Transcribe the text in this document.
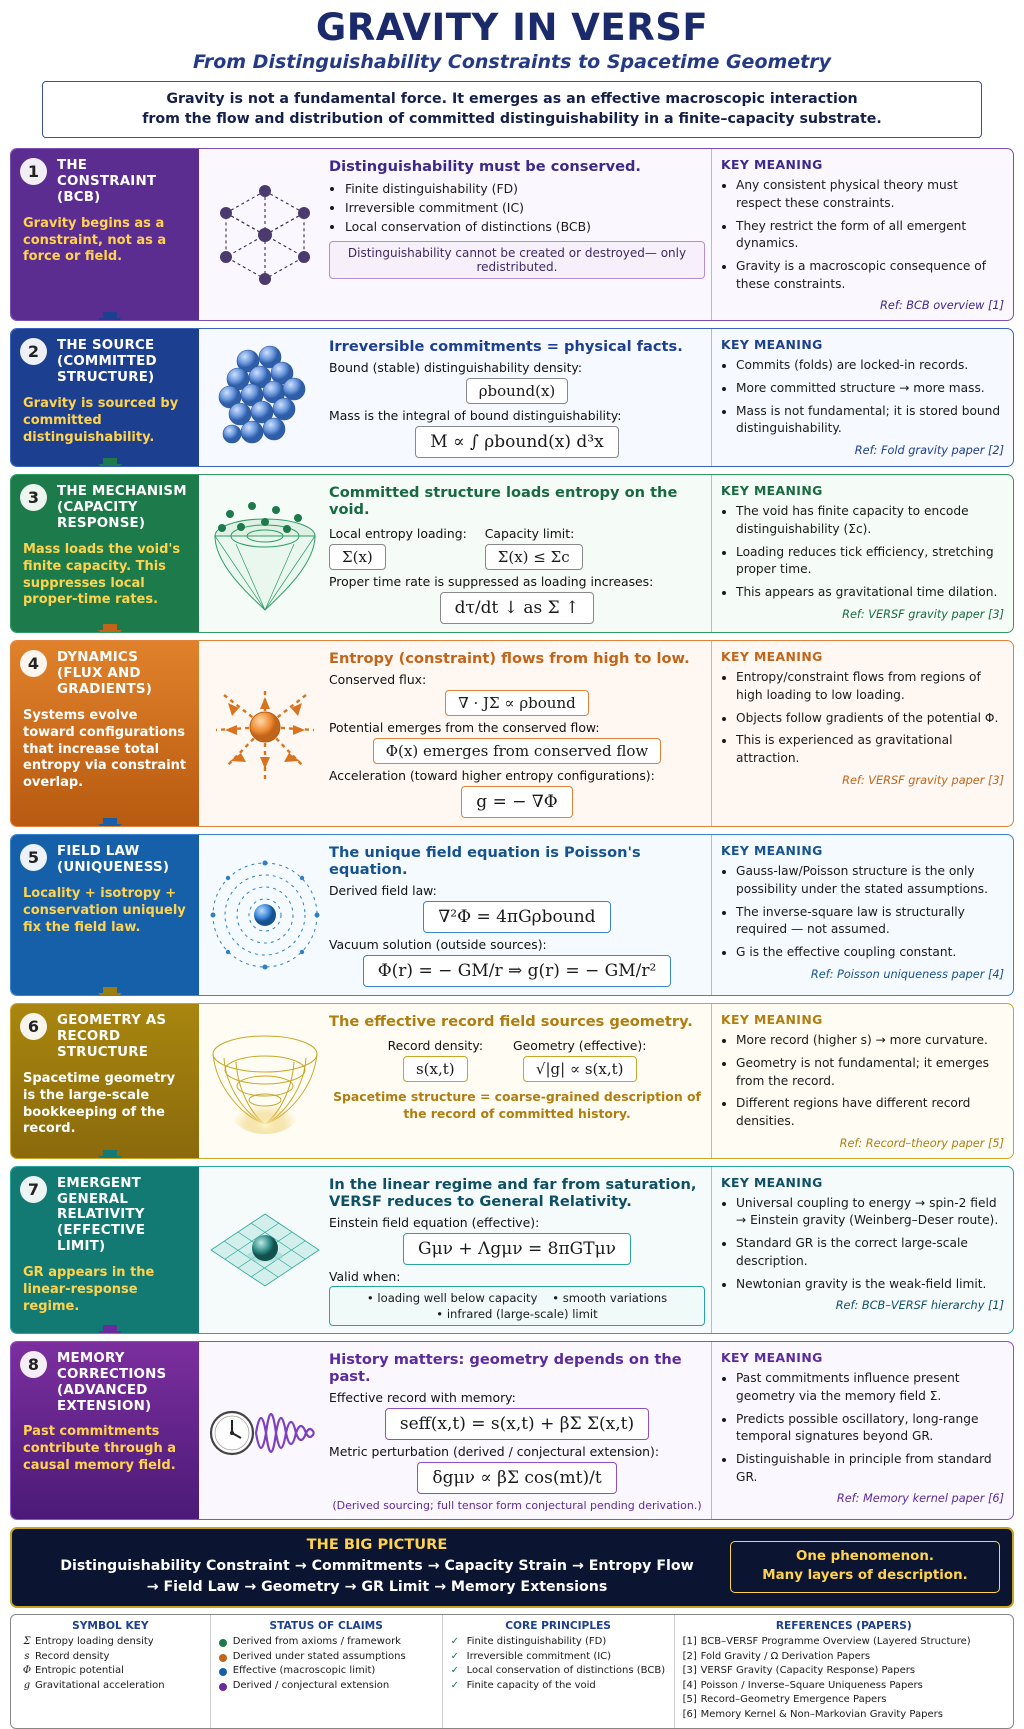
GRAVITY IN VERSF
From Distinguishability Constraints to Spacetime Geometry
Gravity is not a fundamental force. It emerges as an effective macroscopic interaction
from the flow and distribution of committed distinguishability in a finite–capacity substrate.
1	THE CONSTRAINT
(BCB)
Gravity begins as a constraint, not as a force or field.
Distinguishability must be conserved.
• Finite distinguishability (FD)
• Irreversible commitment (IC)
• Local conservation of distinctions (BCB)
Distinguishability cannot be created or destroyed— only redistributed.
KEY MEANING
• Any consistent physical theory must respect these constraints.
• They restrict the form of all emergent dynamics.
• Gravity is a macroscopic consequence of these constraints.
Ref: BCB overview [1]
2	THE SOURCE
(COMMITTED STRUCTURE)
Gravity is sourced by committed distinguishability.
Irreversible commitments = physical facts.
Bound (stable) distinguishability density:
ρbound(x)
Mass is the integral of bound distinguishability:
M ∝ ∫ ρbound(x) d³x
KEY MEANING
• Commits (folds) are locked-in records.
• More committed structure → more mass.
• Mass is not fundamental; it is stored bound distinguishability.
Ref: Fold gravity paper [2]
3	THE MECHANISM
(CAPACITY RESPONSE)
Mass loads the void's finite capacity. This suppresses local proper-time rates.
Committed structure loads entropy on the void.
Local entropy loading:
Σ(x)
Capacity limit:
Σ(x) ≤ Σc
Proper time rate is suppressed as loading increases:
dτ/dt ↓ as Σ ↑
KEY MEANING
• The void has finite capacity to encode distinguishability (Σc).
• Loading reduces tick efficiency, stretching proper time.
• This appears as gravitational time dilation.
Ref: VERSF gravity paper [3]
4	DYNAMICS
(FLUX AND GRADIENTS)
Systems evolve toward configurations that increase total entropy via constraint overlap.
Entropy (constraint) flows from high to low.
Conserved flux:
∇ · JΣ ∝ ρbound
Potential emerges from the conserved flow:
Φ(x) emerges from conserved flow
Acceleration (toward higher entropy configurations):
g = − ∇Φ
KEY MEANING
• Entropy/constraint flows from regions of high loading to low loading.
• Objects follow gradients of the potential Φ.
• This is experienced as gravitational attraction.
Ref: VERSF gravity paper [3]
5	FIELD LAW
(UNIQUENESS)
Locality + isotropy + conservation uniquely fix the field law.
The unique field equation is Poisson's equation.
Derived field law:
∇²Φ = 4πGρbound
Vacuum solution (outside sources):
Φ(r) = − GM/r ⇒ g(r) = − GM/r²
KEY MEANING
• Gauss-law/Poisson structure is the only possibility under the stated assumptions.
• The inverse-square law is structurally required — not assumed.
• G is the effective coupling constant.
Ref: Poisson uniqueness paper [4]
6	GEOMETRY AS
RECORD STRUCTURE
Spacetime geometry is the large-scale bookkeeping of the record.
The effective record field sources geometry.
Record density:
s(x,t)
Geometry (effective):
√|g| ∝ s(x,t)
Spacetime structure = coarse-grained description of the record of committed history.
KEY MEANING
• More record (higher s) → more curvature.
• Geometry is not fundamental; it emerges from the record.
• Different regions have different record densities.
Ref: Record–theory paper [5]
7	EMERGENT GENERAL
RELATIVITY (EFFECTIVE LIMIT)
GR appears in the linear-response regime.
In the linear regime and far from saturation, VERSF reduces to General Relativity.
Einstein field equation (effective):
Gμν + Λgμν = 8πGTμν
Valid when:
• loading well below capacity • smooth variations
• infrared (large-scale) limit
KEY MEANING
• Universal coupling to energy → spin-2 field → Einstein gravity (Weinberg–Deser route).
• Standard GR is the correct large-scale description.
• Newtonian gravity is the weak-field limit.
Ref: BCB–VERSF hierarchy [1]
8	MEMORY CORRECTIONS
(ADVANCED EXTENSION)
Past commitments contribute through a causal memory field.
History matters: geometry depends on the past.
Effective record with memory:
seff(x,t) = s(x,t) + βΣ Σ(x,t)
Metric perturbation (derived / conjectural extension):
δgμν ∝ βΣ cos(mt)/t
(Derived sourcing; full tensor form conjectural pending derivation.)
KEY MEANING
• Past commitments influence present geometry via the memory field Σ.
• Predicts possible oscillatory, long-range temporal signatures beyond GR.
• Distinguishable in principle from standard GR.
Ref: Memory kernel paper [6]
THE BIG PICTURE
Distinguishability Constraint → Commitments → Capacity Strain → Entropy Flow
→ Field Law → Geometry → GR Limit → Memory Extensions
One phenomenon.
Many layers of description.
SYMBOL KEY
Σ Entropy loading density
s Record density
Φ Entropic potential
g Gravitational acceleration
STATUS OF CLAIMS
Derived from axioms / framework
Derived under stated assumptions
Effective (macroscopic limit)
Derived / conjectural extension
CORE PRINCIPLES
✓ Finite distinguishability (FD)
✓ Irreversible commitment (IC)
✓ Local conservation of distinctions (BCB)
✓ Finite capacity of the void
REFERENCES (PAPERS)
[1] BCB–VERSF Programme Overview (Layered Structure)
[2] Fold Gravity / Ω Derivation Papers
[3] VERSF Gravity (Capacity Response) Papers
[4] Poisson / Inverse–Square Uniqueness Papers
[5] Record–Geometry Emergence Papers
[6] Memory Kernel & Non–Markovian Gravity Papers
